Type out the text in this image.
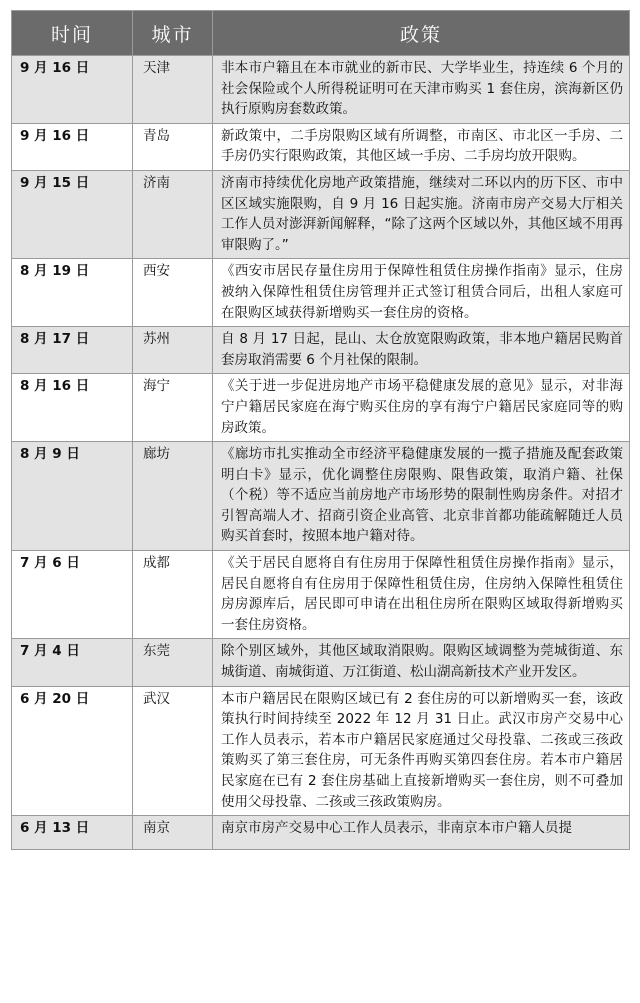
时间	城市	政策
9 月 16 日	天津	非本市户籍且在本市就业的新市民、大学毕业生，持连续 6 个月的社会保险或个人所得税证明可在天津市购买 1 套住房，滨海新区仍执行原购房套数政策。
9 月 16 日	青岛	新政策中，二手房限购区域有所调整，市南区、市北区一手房、二手房仍实行限购政策，其他区域一手房、二手房均放开限购。
9 月 15 日	济南	济南市持续优化房地产政策措施，继续对二环以内的历下区、市中区区域实施限购，自 9 月 16 日起实施。济南市房产交易大厅相关工作人员对澎湃新闻解释，“除了这两个区域以外，其他区域不用再审限购了。”
8 月 19 日	西安	《西安市居民存量住房用于保障性租赁住房操作指南》显示，住房被纳入保障性租赁住房管理并正式签订租赁合同后，出租人家庭可在限购区域获得新增购买一套住房的资格。
8 月 17 日	苏州	自 8 月 17 日起，昆山、太仓放宽限购政策，非本地户籍居民购首套房取消需要 6 个月社保的限制。
8 月 16 日	海宁	《关于进一步促进房地产市场平稳健康发展的意见》显示，对非海宁户籍居民家庭在海宁购买住房的享有海宁户籍居民家庭同等的购房政策。
8 月 9 日	廊坊	《廊坊市扎实推动全市经济平稳健康发展的一揽子措施及配套政策明白卡》显示，优化调整住房限购、限售政策，取消户籍、社保（个税）等不适应当前房地产市场形势的限制性购房条件。对招才引智高端人才、招商引资企业高管、北京非首都功能疏解随迁人员购买首套时，按照本地户籍对待。
7 月 6 日	成都	《关于居民自愿将自有住房用于保障性租赁住房操作指南》显示，居民自愿将自有住房用于保障性租赁住房，住房纳入保障性租赁住房房源库后，居民即可申请在出租住房所在限购区域取得新增购买一套住房资格。
7 月 4 日	东莞	除个别区域外，其他区域取消限购。限购区域调整为莞城街道、东城街道、南城街道、万江街道、松山湖高新技术产业开发区。
6 月 20 日	武汉	本市户籍居民在限购区域已有 2 套住房的可以新增购买一套，该政策执行时间持续至 2022 年 12 月 31 日止。武汉市房产交易中心工作人员表示，若本市户籍居民家庭通过父母投靠、二孩或三孩政策购买了第三套住房，可无条件再购买第四套住房。若本市户籍居民家庭在已有 2 套住房基础上直接新增购买一套住房，则不可叠加使用父母投靠、二孩或三孩政策购房。
6 月 13 日	南京	南京市房产交易中心工作人员表示，非南京本市户籍人员提
